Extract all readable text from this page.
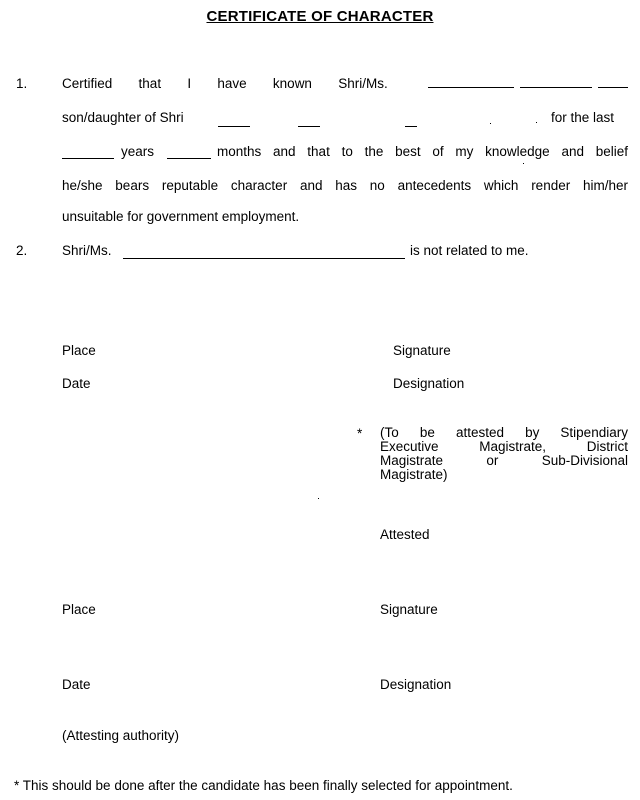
CERTIFICATE OF CHARACTER
1.	Certified that I have known Shri/Ms.
son/daughter of Shri	for the last
years	months and that to the best of my knowledge and belief
he/she bears reputable character and has no antecedents which render him/her
unsuitable for government employment.
2.	Shri/Ms.	is not related to me.
Place	Signature
Date	Designation
* (To be attested by Stipendiary
Executive	Magistrate,	District
Magistrate	or	Sub-Divisional
Magistrate)
Attested
Place	Signature
Date	Designation
(Attesting authority)
* This should be done after the candidate has been finally selected for appointment.
